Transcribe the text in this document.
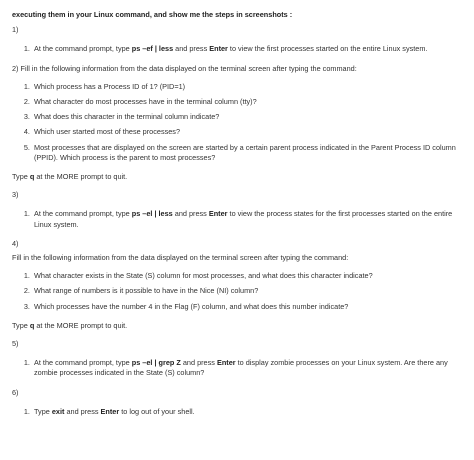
executing them in your Linux command, and show me the steps in screenshots :
1)
1. At the command prompt, type ps –ef | less and press Enter to view the first processes started on the entire Linux system.
2) Fill in the following information from the data displayed on the terminal screen after typing the command:
1. Which process has a Process ID of 1? (PID=1)
2. What character do most processes have in the terminal column (tty)?
3. What does this character in the terminal column indicate?
4. Which user started most of these processes?
5. Most processes that are displayed on the screen are started by a certain parent process indicated in the Parent Process ID column (PPID). Which process is the parent to most processes?
Type q at the MORE prompt to quit.
3)
1. At the command prompt, type ps –el | less and press Enter to view the process states for the first processes started on the entire Linux system.
4)
Fill in the following information from the data displayed on the terminal screen after typing the command:
1. What character exists in the State (S) column for most processes, and what does this character indicate?
2. What range of numbers is it possible to have in the Nice (NI) column?
3. Which processes have the number 4 in the Flag (F) column, and what does this number indicate?
Type q at the MORE prompt to quit.
5)
1. At the command prompt, type ps –el | grep Z and press Enter to display zombie processes on your Linux system. Are there any zombie processes indicated in the State (S) column?
6)
1. Type exit and press Enter to log out of your shell.
